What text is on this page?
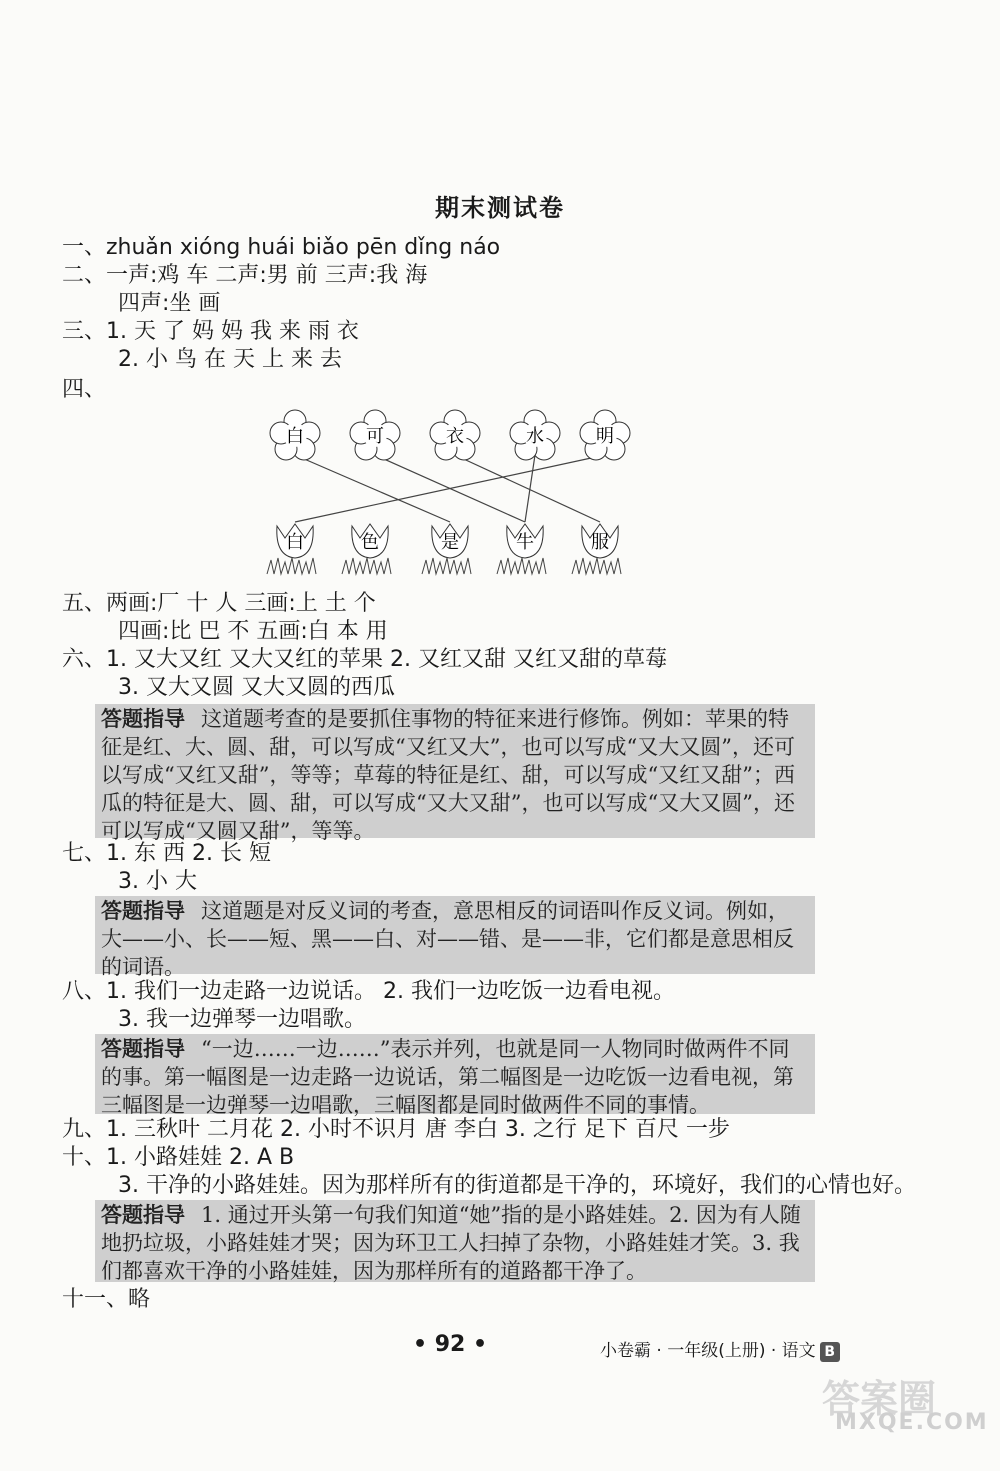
期末测试卷
一、zhuǎn xióng huái biǎo pēn dǐng náo
二、一声:鸡 车 二声:男 前 三声:我 海
四声:坐 画
三、1. 天 了 妈 妈 我 来 雨 衣
2. 小 鸟 在 天 上 来 去
四、
白	可	衣	水	明
白	色	是	牛	服
五、两画:厂 十 人 三画:上 土 个
四画:比 巴 不 五画:白 本 用
六、1. 又大又红 又大又红的苹果 2. 又红又甜 又红又甜的草莓
3. 又大又圆 又大又圆的西瓜
答题指导 这道题考查的是要抓住事物的特征来进行修饰。例如：苹果的特征是红、大、圆、甜，可以写成“又红又大”，也可以写成“又大又圆”，还可以写成“又红又甜”，等等；草莓的特征是红、甜，可以写成“又红又甜”；西瓜的特征是大、圆、甜，可以写成“又大又甜”，也可以写成“又大又圆”，还可以写成“又圆又甜”，等等。
七、1. 东 西 2. 长 短
3. 小 大
答题指导 这道题是对反义词的考查，意思相反的词语叫作反义词。例如，大——小、长——短、黑——白、对——错、是——非，它们都是意思相反的词语。
八、1. 我们一边走路一边说话。 2. 我们一边吃饭一边看电视。
3. 我一边弹琴一边唱歌。
答题指导 “一边……一边……”表示并列，也就是同一人物同时做两件不同的事。第一幅图是一边走路一边说话，第二幅图是一边吃饭一边看电视，第三幅图是一边弹琴一边唱歌，三幅图都是同时做两件不同的事情。
九、1. 三秋叶 二月花 2. 小时不识月 唐 李白 3. 之行 足下 百尺 一步
十、1. 小路娃娃 2. A B
3. 干净的小路娃娃。因为那样所有的街道都是干净的，环境好，我们的心情也好。
答题指导 1. 通过开头第一句我们知道“她”指的是小路娃娃。2. 因为有人随地扔垃圾，小路娃娃才哭；因为环卫工人扫掉了杂物，小路娃娃才笑。3. 我们都喜欢干净的小路娃娃，因为那样所有的道路都干净了。
十一、略
• 92 •	小卷霸 · 一年级(上册) · 语文 B
答案圈
MXQE.COM
